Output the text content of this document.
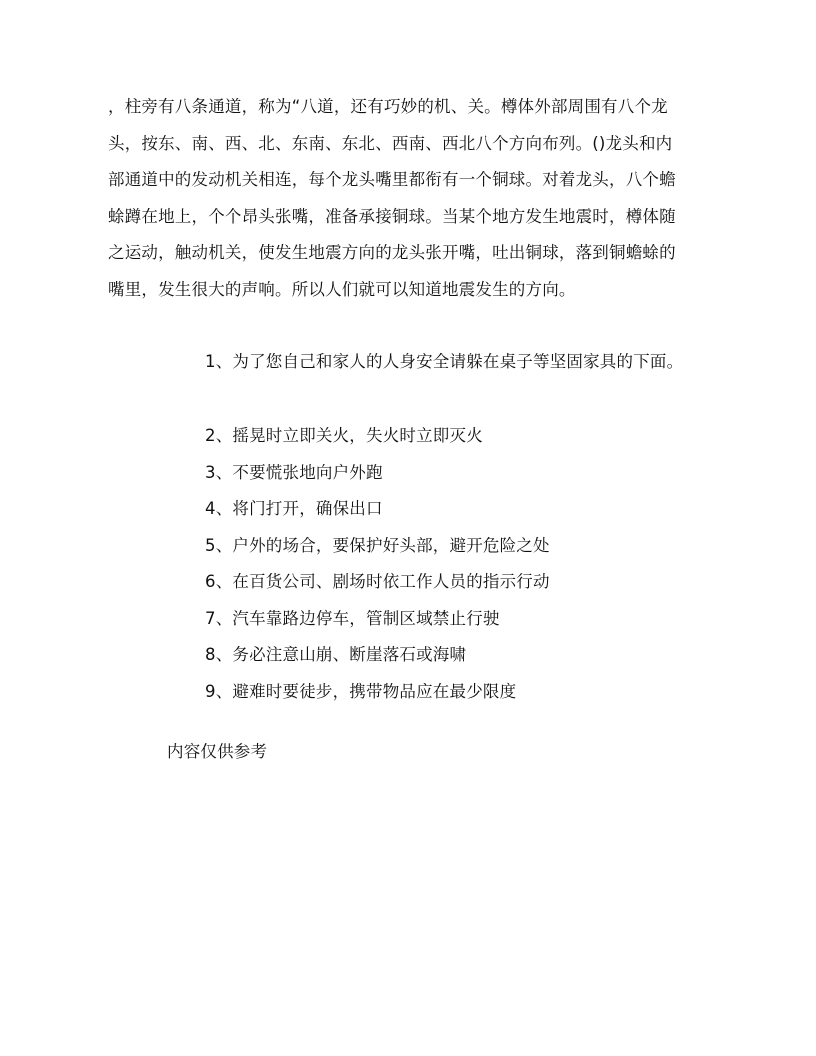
，柱旁有八条通道，称为“八道，还有巧妙的机、关。樽体外部周围有八个龙头，按东、南、西、北、东南、东北、西南、西北八个方向布列。()龙头和内部通道中的发动机关相连，每个龙头嘴里都衔有一个铜球。对着龙头，八个蟾蜍蹲在地上，个个昂头张嘴，准备承接铜球。当某个地方发生地震时，樽体随之运动，触动机关，使发生地震方向的龙头张开嘴，吐出铜球，落到铜蟾蜍的嘴里，发生很大的声响。所以人们就可以知道地震发生的方向。

1、为了您自己和家人的人身安全请躲在桌子等坚固家具的下面。

2、摇晃时立即关火，失火时立即灭火
3、不要慌张地向户外跑
4、将门打开，确保出口
5、户外的场合，要保护好头部，避开危险之处
6、在百货公司、剧场时依工作人员的指示行动
7、汽车靠路边停车，管制区域禁止行驶
8、务必注意山崩、断崖落石或海啸
9、避难时要徒步，携带物品应在最少限度

内容仅供参考
